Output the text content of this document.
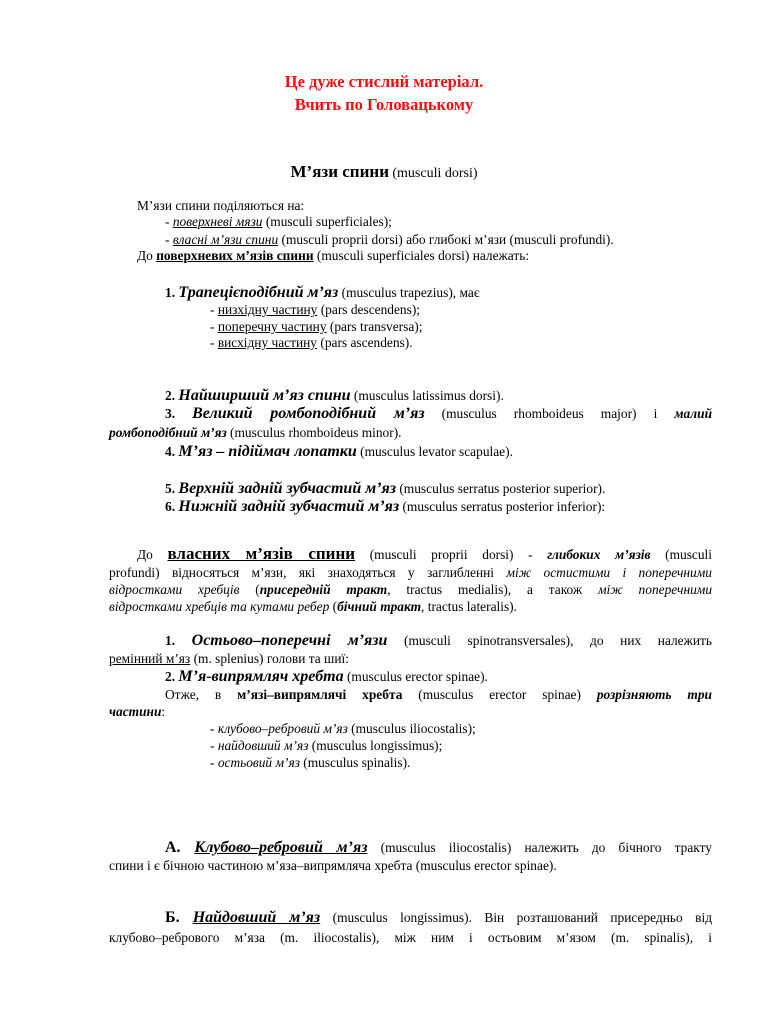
Це дуже стислий матеріал.
Вчить по Головацькому
М’язи спини (musculi dorsi)
М’язи спини поділяються на:
- поверхневі мязи (musculi superficiales);
- власні м’язи спини (musculi proprii dorsi) або глибокі м’язи (musculi profundi).
До поверхневих м’язів спини (musculi superficiales dorsi) належать:
1. Трапецієподібний м’яз (musculus trapezius), має
- низхідну частину (pars descendens);
- поперечну частину (pars transversa);
- висхідну частину (pars ascendens).
2. Найширший м’яз спини (musculus latissimus dorsi).
3. Великий ромбоподібний м’яз (musculus rhomboideus major) і малий
ромбоподібний м’яз (musculus rhomboideus minor).
4. М’яз – підіймач лопатки (musculus levator scapulae).
5. Верхній задній зубчастий м’яз (musculus serratus posterior superior).
6. Нижній задній зубчастий м’яз (musculus serratus posterior inferior):
До власних м’язів спини (musculi proprii dorsi) - глибоких м’язів (musculi
profundi) відносяться м’язи, які знаходяться у заглибленні між остистими і поперечними
відростками хребців (присередній тракт, tractus medialis), а також між поперечними
відростками хребців та кутами ребер (бічний тракт, tractus lateralis).
1. Остьово–поперечні м’язи (musculi spinotransversales), до них належить
ремінний м’яз (m. splenius) голови та шиї:
2. М’я-випрямляч хребта (musculus erector spinae).
Отже, в м’язі–випрямлячі хребта (musculus erector spinae) розрізняють три
частини:
- клубово–ребровий м’яз (musculus iliocostalis);
- найдовший м’яз (musculus longissimus);
- остьовий м’яз (musculus spinalis).
А. Клубово–ребровий м’яз (musculus iliocostalis) належить до бічного тракту
спини і є бічною частиною м’яза–випрямляча хребта (musculus erector spinae).
Б. Найдовший м’яз (musculus longissimus). Він розташований присередньо від
клубово–ребрового м’яза (m. iliocostalis), між ним і остьовим м’язом (m. spinalis), і
